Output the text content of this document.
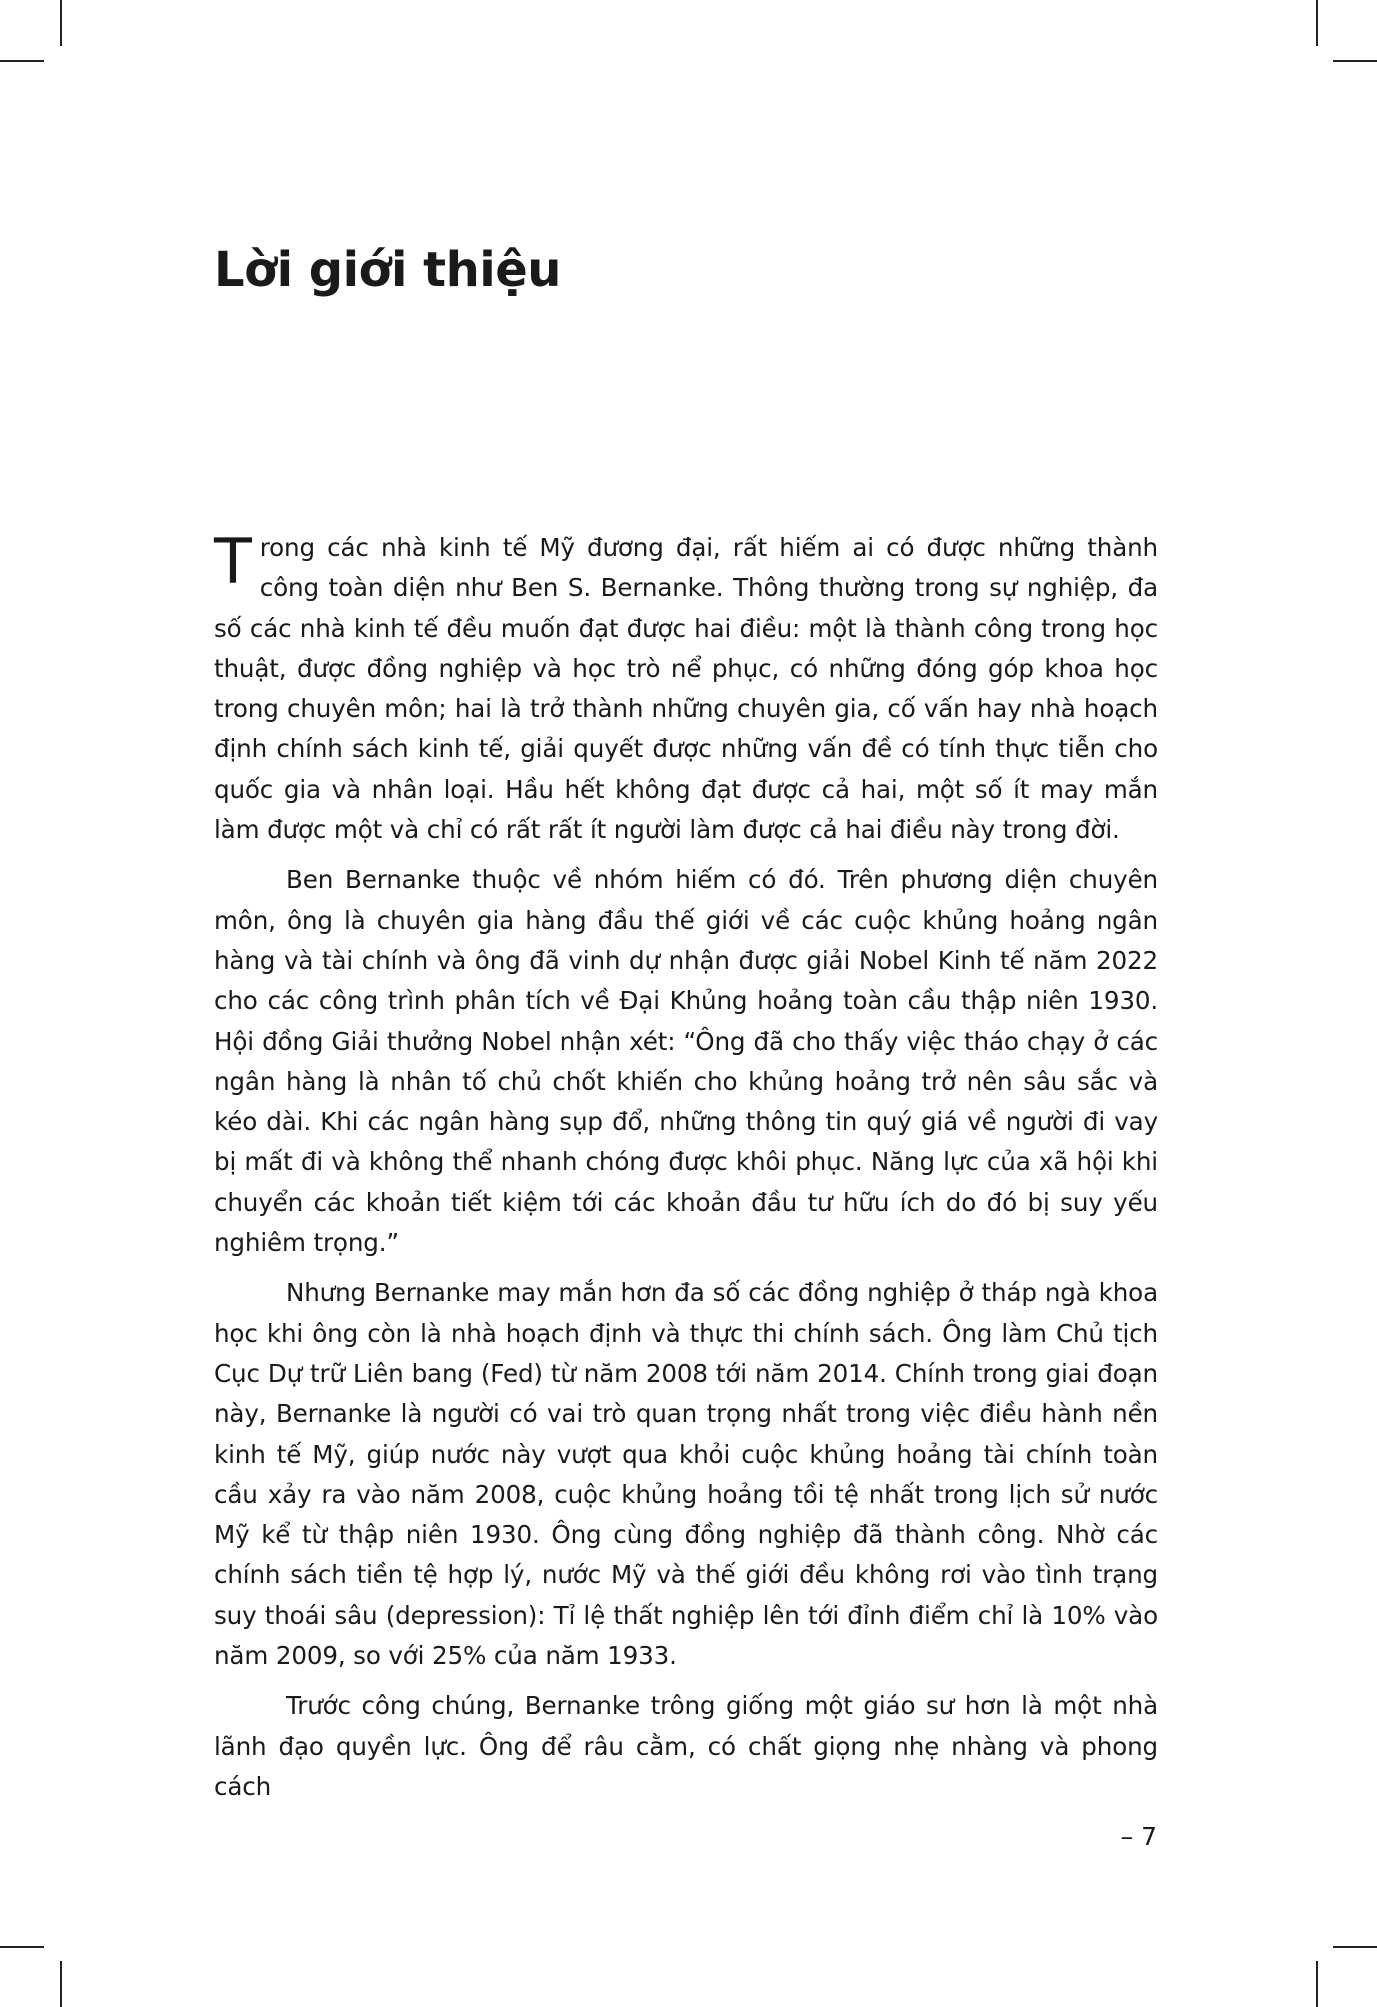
Lời giới thiệu

Trong các nhà kinh tế Mỹ đương đại, rất hiếm ai có được những thành công toàn diện như Ben S. Bernanke. Thông thường trong sự nghiệp, đa số các nhà kinh tế đều muốn đạt được hai điều: một là thành công trong học thuật, được đồng nghiệp và học trò nể phục, có những đóng góp khoa học trong chuyên môn; hai là trở thành những chuyên gia, cố vấn hay nhà hoạch định chính sách kinh tế, giải quyết được những vấn đề có tính thực tiễn cho quốc gia và nhân loại. Hầu hết không đạt được cả hai, một số ít may mắn làm được một và chỉ có rất rất ít người làm được cả hai điều này trong đời.

Ben Bernanke thuộc về nhóm hiếm có đó. Trên phương diện chuyên môn, ông là chuyên gia hàng đầu thế giới về các cuộc khủng hoảng ngân hàng và tài chính và ông đã vinh dự nhận được giải Nobel Kinh tế năm 2022 cho các công trình phân tích về Đại Khủng hoảng toàn cầu thập niên 1930. Hội đồng Giải thưởng Nobel nhận xét: “Ông đã cho thấy việc tháo chạy ở các ngân hàng là nhân tố chủ chốt khiến cho khủng hoảng trở nên sâu sắc và kéo dài. Khi các ngân hàng sụp đổ, những thông tin quý giá về người đi vay bị mất đi và không thể nhanh chóng được khôi phục. Năng lực của xã hội khi chuyển các khoản tiết kiệm tới các khoản đầu tư hữu ích do đó bị suy yếu nghiêm trọng.”

Nhưng Bernanke may mắn hơn đa số các đồng nghiệp ở tháp ngà khoa học khi ông còn là nhà hoạch định và thực thi chính sách. Ông làm Chủ tịch Cục Dự trữ Liên bang (Fed) từ năm 2008 tới năm 2014. Chính trong giai đoạn này, Bernanke là người có vai trò quan trọng nhất trong việc điều hành nền kinh tế Mỹ, giúp nước này vượt qua khỏi cuộc khủng hoảng tài chính toàn cầu xảy ra vào năm 2008, cuộc khủng hoảng tồi tệ nhất trong lịch sử nước Mỹ kể từ thập niên 1930. Ông cùng đồng nghiệp đã thành công. Nhờ các chính sách tiền tệ hợp lý, nước Mỹ và thế giới đều không rơi vào tình trạng suy thoái sâu (depression): Tỉ lệ thất nghiệp lên tới đỉnh điểm chỉ là 10% vào năm 2009, so với 25% của năm 1933.

Trước công chúng, Bernanke trông giống một giáo sư hơn là một nhà lãnh đạo quyền lực. Ông để râu cằm, có chất giọng nhẹ nhàng và phong cách

– 7
